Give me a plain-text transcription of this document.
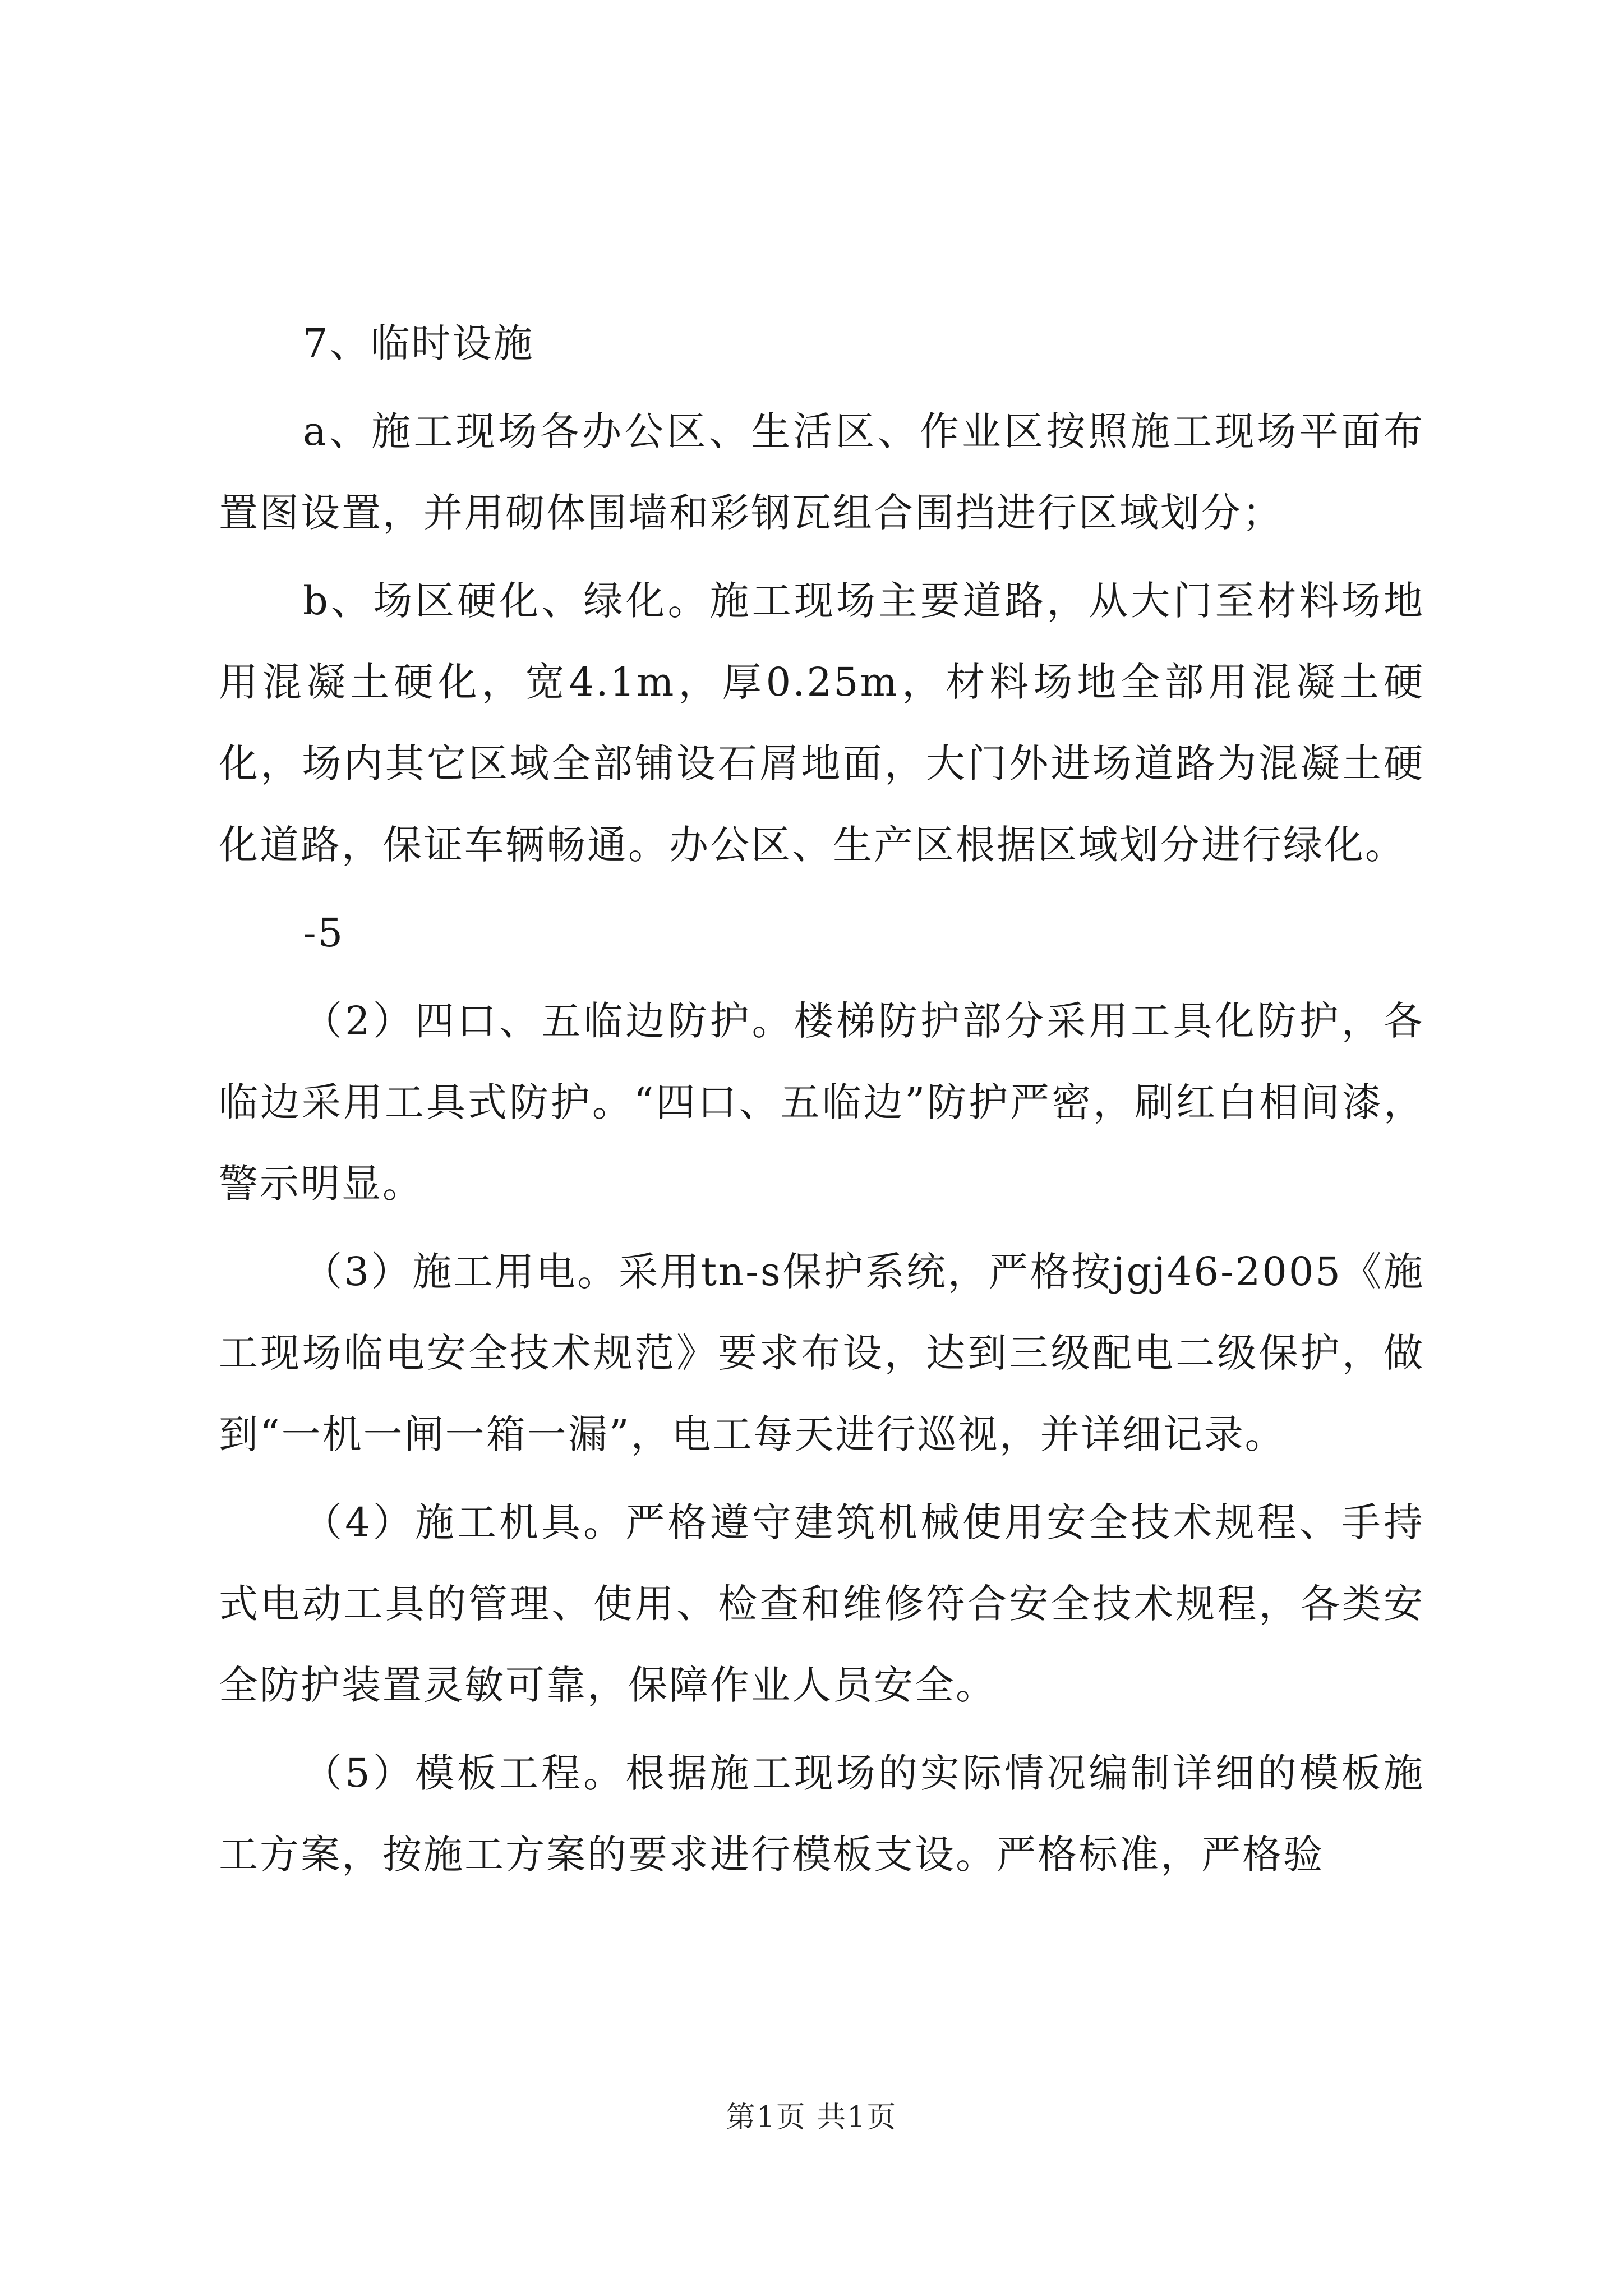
7、临时设施

a、施工现场各办公区、生活区、作业区按照施工现场平面布置图设置，并用砌体围墙和彩钢瓦组合围挡进行区域划分；

b、场区硬化、绿化。施工现场主要道路，从大门至材料场地用混凝土硬化，宽4.1m，厚0.25m，材料场地全部用混凝土硬化，场内其它区域全部铺设石屑地面，大门外进场道路为混凝土硬化道路，保证车辆畅通。办公区、生产区根据区域划分进行绿化。

-5

（2）四口、五临边防护。楼梯防护部分采用工具化防护，各临边采用工具式防护。“四口、五临边”防护严密，刷红白相间漆，警示明显。

（3）施工用电。采用tn-s保护系统，严格按jgj46-2005《施工现场临电安全技术规范》要求布设，达到三级配电二级保护，做到“一机一闸一箱一漏”，电工每天进行巡视，并详细记录。

（4）施工机具。严格遵守建筑机械使用安全技术规程、手持式电动工具的管理、使用、检查和维修符合安全技术规程，各类安全防护装置灵敏可靠，保障作业人员安全。

（5）模板工程。根据施工现场的实际情况编制详细的模板施工方案，按施工方案的要求进行模板支设。严格标准，严格验

第1页 共1页
